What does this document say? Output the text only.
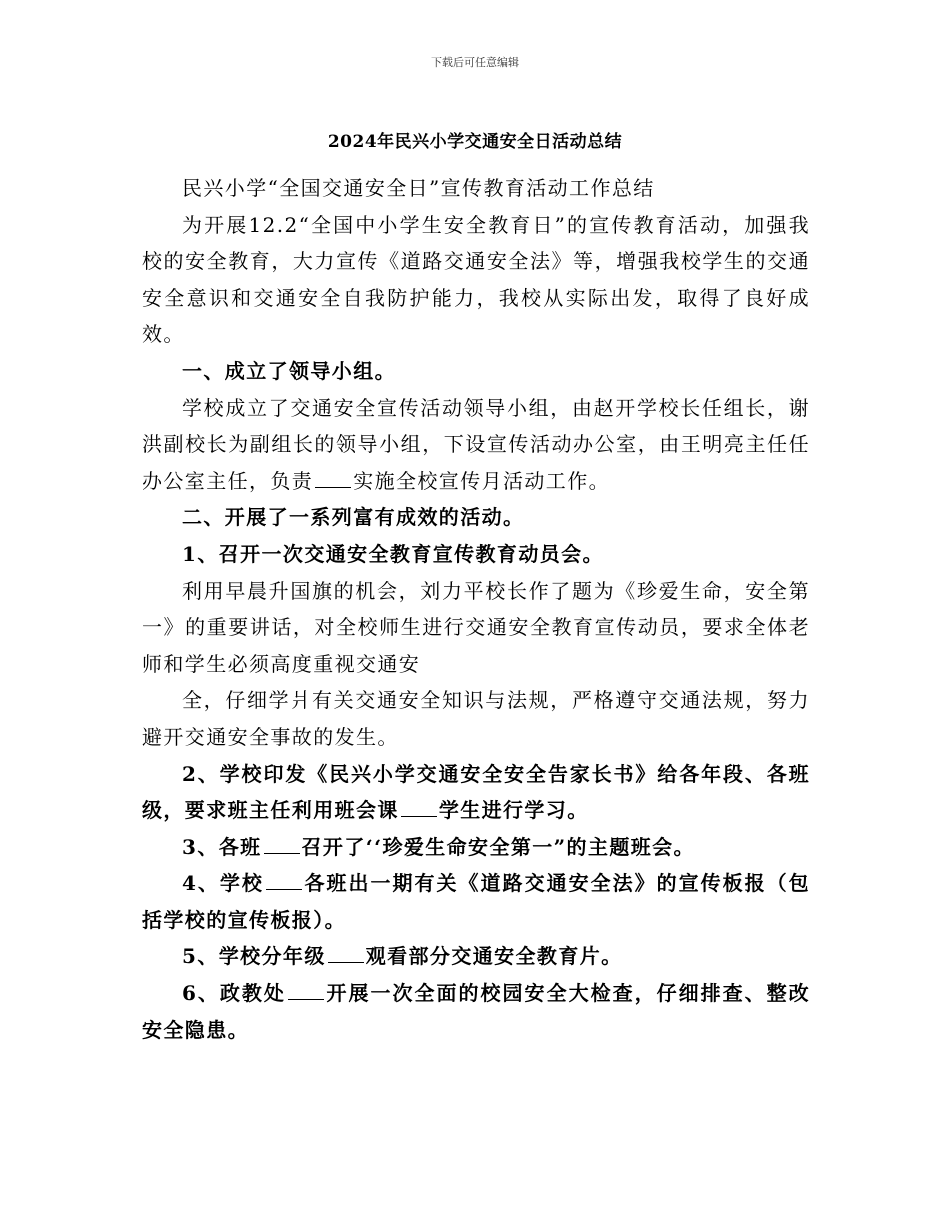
下载后可任意编辑
2024年民兴小学交通安全日活动总结

民兴小学“全国交通安全日”宣传教育活动工作总结

为开展12.2“全国中小学生安全教育日”的宣传教育活动，加强我校的安全教育，大力宣传《道路交通安全法》等，增强我校学生的交通安全意识和交通安全自我防护能力，我校从实际出发，取得了良好成效。

一、成立了领导小组。

学校成立了交通安全宣传活动领导小组，由赵开学校长任组长，谢洪副校长为副组长的领导小组，下设宣传活动办公室，由王明亮主任任办公室主任，负责 实施全校宣传月活动工作。

二、开展了一系列富有成效的活动。

1、召开一次交通安全教育宣传教育动员会。

利用早晨升国旗的机会，刘力平校长作了题为《珍爱生命，安全第一》的重要讲话，对全校师生进行交通安全教育宣传动员，要求全体老师和学生必须高度重视交通安

全，仔细学爿有关交通安全知识与法规，严格遵守交通法规，努力避开交通安全事故的发生。

2、学校印发《民兴小学交通安全安全告家长书》给各年段、各班级，要求班主任利用班会课 学生进行学习。

3、各班 召开了‘‘珍爱生命安全第一”的主题班会。

4、学校 各班出一期有关《道路交通安全法》的宣传板报（包括学校的宣传板报）。

5、学校分年级 观看部分交通安全教育片。

6、政教处 开展一次全面的校园安全大检查，仔细排查、整改安全隐患。
